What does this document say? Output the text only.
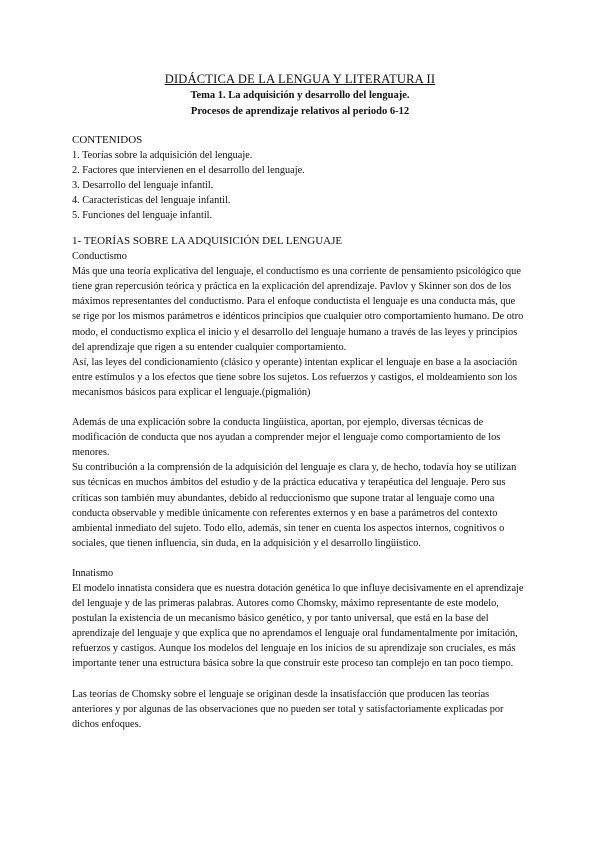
DIDÁCTICA DE LA LENGUA Y LITERATURA II
Tema 1. La adquisición y desarrollo del lenguaje.
Procesos de aprendizaje relativos al periodo 6-12

CONTENIDOS

1. Teorías sobre la adquisición del lenguaje.

2. Factores que intervienen en el desarrollo del lenguaje.

3. Desarrollo del lenguaje infantil.

4. Características del lenguaje infantil.

5. Funciones del lenguaje infantil.

1- TEORÍAS SOBRE LA ADQUISICIÓN DEL LENGUAJE

Conductismo

Más que una teoría explicativa del lenguaje, el conductismo es una corriente de pensamiento psicológico que tiene gran repercusión teórica y práctica en la explicación del aprendizaje. Pavlov y Skinner son dos de los máximos representantes del conductismo. Para el enfoque conductista el lenguaje es una conducta más, que se rige por los mismos parámetros e idénticos principios que cualquier otro comportamiento humano. De otro modo, el conductismo explica el inicio y el desarrollo del lenguaje humano a través de las leyes y principios del aprendizaje que rigen a su entender cualquier comportamiento.

Así, las leyes del condicionamiento (clásico y operante) intentan explicar el lenguaje en base a la asociación entre estímulos y a los efectos que tiene sobre los sujetos. Los refuerzos y castigos, el moldeamiento son los mecanismos básicos para explicar el lenguaje.(pigmalión)

Además de una explicación sobre la conducta lingüística, aportan, por ejemplo, diversas técnicas de modificación de conducta que nos ayudan a comprender mejor el lenguaje como comportamiento de los menores.

Su contribución a la comprensión de la adquisición del lenguaje es clara y, de hecho, todavía hoy se utilizan sus técnicas en muchos ámbitos del estudio y de la práctica educativa y terapéutica del lenguaje. Pero sus críticas son también muy abundantes, debido al reduccionismo que supone tratar al lenguaje como una conducta observable y medible únicamente con referentes externos y en base a parámetros del contexto ambiental inmediato del sujeto. Todo ello, además, sin tener en cuenta los aspectos internos, cognitivos o sociales, que tienen influencia, sin duda, en la adquisición y el desarrollo lingüístico.

Innatismo

El modelo innatista considera que es nuestra dotación genética lo que influye decisivamente en el aprendizaje del lenguaje y de las primeras palabras. Autores como Chomsky, máximo representante de este modelo, postulan la existencia de un mecanismo básico genético, y por tanto universal, que está en la base del aprendizaje del lenguaje y que explica que no aprendamos el lenguaje oral fundamentalmente por imitación, refuerzos y castigos. Aunque los modelos del lenguaje en los inicios de su aprendizaje son cruciales, es más importante tener una estructura básica sobre la que construir este proceso tan complejo en tan poco tiempo.

Las teorías de Chomsky sobre el lenguaje se originan desde la insatisfacción que producen las teorías anteriores y por algunas de las observaciones que no pueden ser total y satisfactoriamente explicadas por dichos enfoques.
